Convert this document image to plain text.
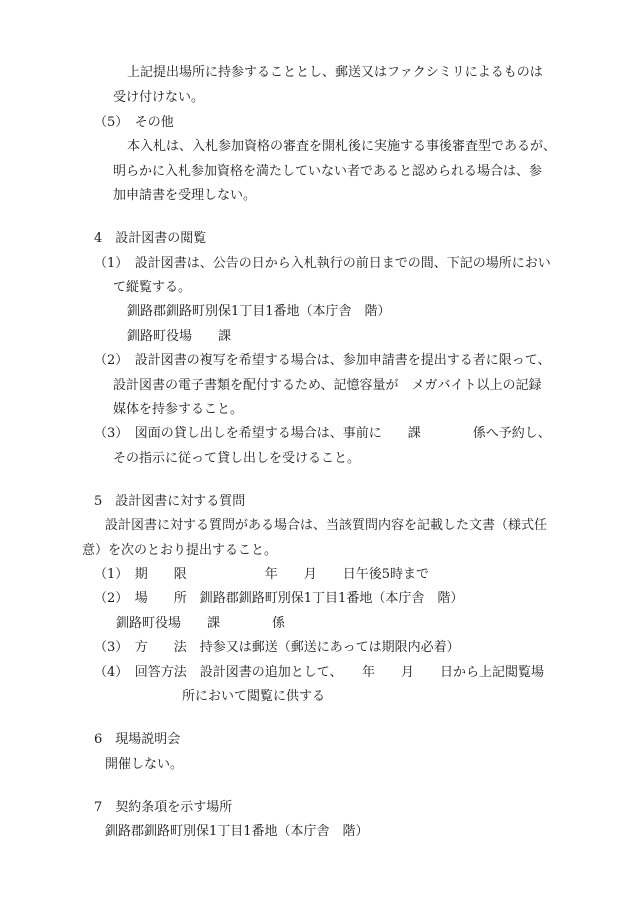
上記提出場所に持参することとし、郵送又はファクシミリによるものは

受け付けない。

（5）　その他

本入札は、入札参加資格の審査を開札後に実施する事後審査型であるが、

明らかに入札参加資格を満たしていない者であると認められる場合は、参

加申請書を受理しない。

4　設計図書の閲覧

（1）　設計図書は、公告の日から入札執行の前日までの間、下記の場所におい

て縦覧する。

釧路郡釧路町別保1丁目1番地（本庁舎　階）

釧路町役場　　課

（2）　設計図書の複写を希望する場合は、参加申請書を提出する者に限って、

設計図書の電子書類を配付するため、記憶容量が　メガバイト以上の記録

媒体を持参すること。

（3）　図面の貸し出しを希望する場合は、事前に　　課　　　　係へ予約し、

その指示に従って貸し出しを受けること。

5　設計図書に対する質問

設計図書に対する質問がある場合は、当該質問内容を記載した文書（様式任

意）を次のとおり提出すること。

（1）　期　　限　　　　　　年　　月　　日午後5時まで

（2）　場　　所　釧路郡釧路町別保1丁目1番地（本庁舎　階）

釧路町役場　　課　　　　係

（3）　方　　法　持参又は郵送（郵送にあっては期限内必着）

（4）　回答方法　設計図書の追加として、　　年　　月　　日から上記閲覧場

所において閲覧に供する

6　現場説明会

開催しない。

7　契約条項を示す場所

釧路郡釧路町別保1丁目1番地（本庁舎　階）
